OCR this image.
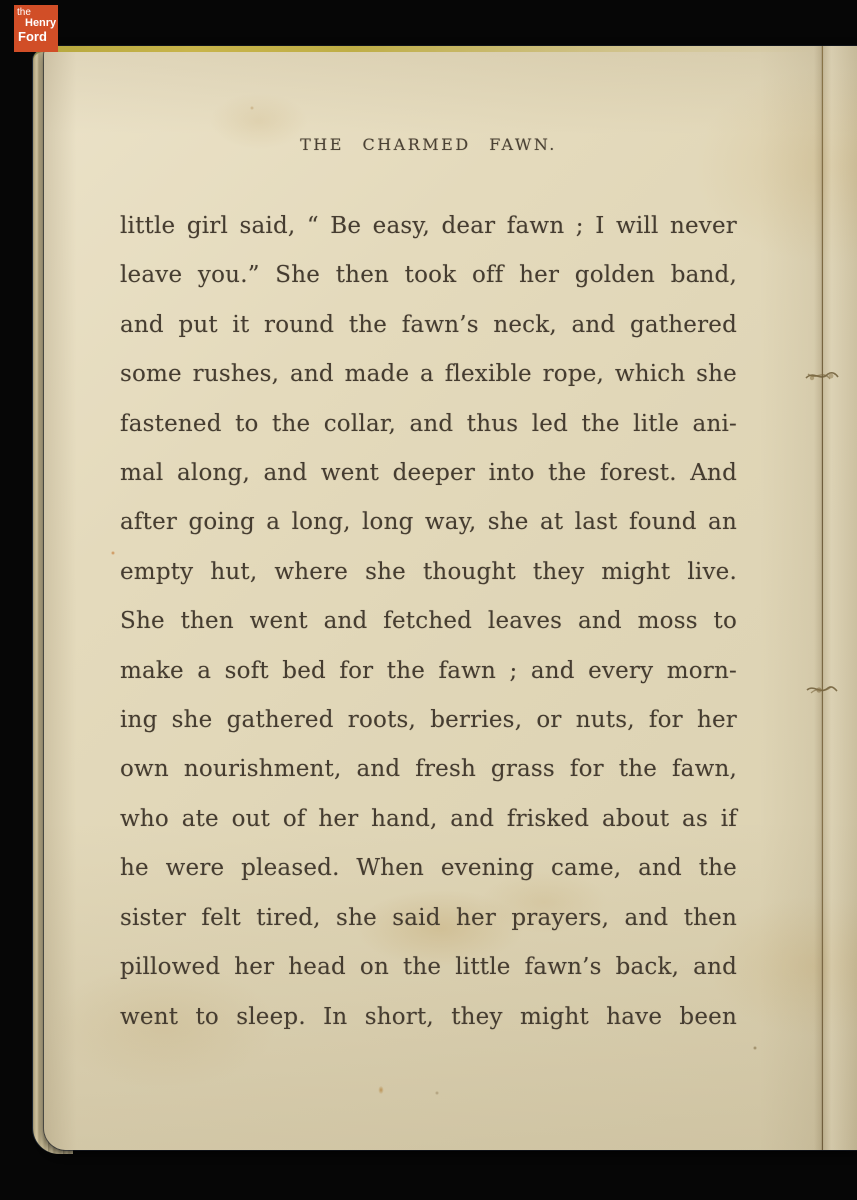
the
Henry
Ford
THE CHARMED FAWN.

little girl said, “ Be easy, dear fawn ; I will never

leave you.” She then took off her golden band,

and put it round the fawn’s neck, and gathered

some rushes, and made a flexible rope, which she

fastened to the collar, and thus led the litle ani-

mal along, and went deeper into the forest. And

after going a long, long way, she at last found an

empty hut, where she thought they might live.

She then went and fetched leaves and moss to

make a soft bed for the fawn ; and every morn-

ing she gathered roots, berries, or nuts, for her

own nourishment, and fresh grass for the fawn,

who ate out of her hand, and frisked about as if

he were pleased. When evening came, and the

sister felt tired, she said her prayers, and then

pillowed her head on the little fawn’s back, and

went to sleep. In short, they might have been
